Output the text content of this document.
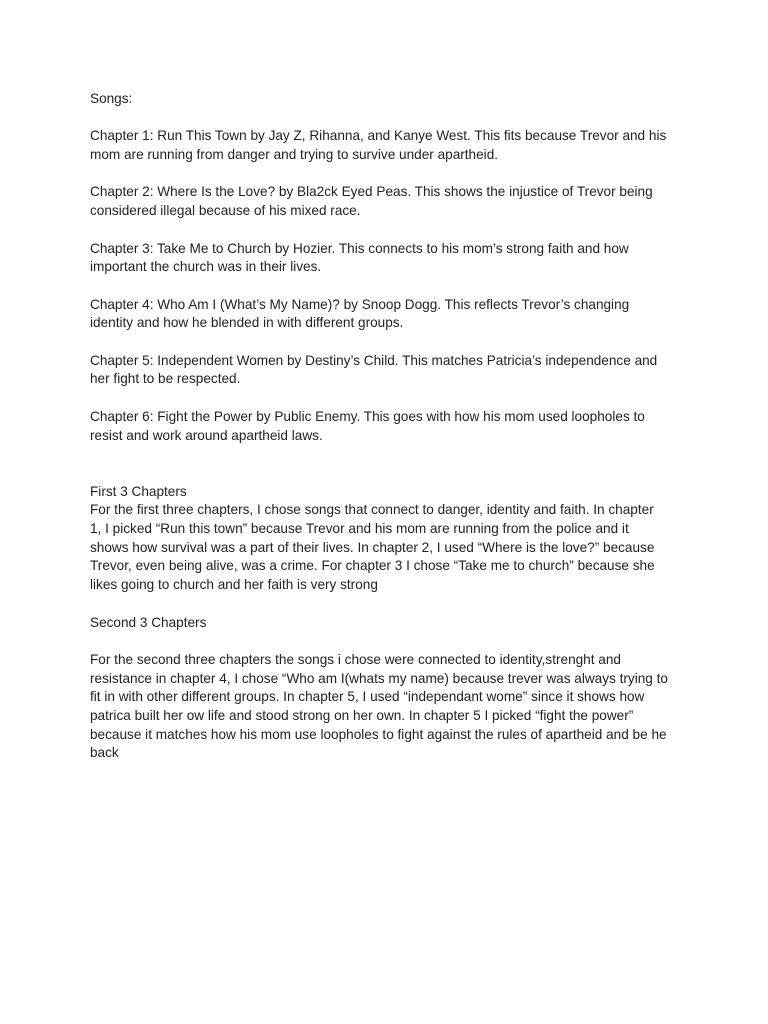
Songs:

Chapter 1: Run This Town by Jay Z, Rihanna, and Kanye West. This fits because Trevor and his
mom are running from danger and trying to survive under apartheid.

Chapter 2: Where Is the Love? by Bla2ck Eyed Peas. This shows the injustice of Trevor being
considered illegal because of his mixed race.

Chapter 3: Take Me to Church by Hozier. This connects to his mom’s strong faith and how
important the church was in their lives.

Chapter 4: Who Am I (What’s My Name)? by Snoop Dogg. This reflects Trevor’s changing
identity and how he blended in with different groups.

Chapter 5: Independent Women by Destiny’s Child. This matches Patricia’s independence and
her fight to be respected.

Chapter 6: Fight the Power by Public Enemy. This goes with how his mom used loopholes to
resist and work around apartheid laws.

First 3 Chapters

For the first three chapters, I chose songs that connect to danger, identity and faith. In chapter
1, I picked “Run this town” because Trevor and his mom are running from the police and it
shows how survival was a part of their lives. In chapter 2, I used “Where is the love?” because
Trevor, even being alive, was a crime. For chapter 3 I chose “Take me to church” because she
likes going to church and her faith is very strong

Second 3 Chapters

For the second three chapters the songs i chose were connected to identity,strenght and
resistance in chapter 4, I chose “Who am I(whats my name) because trever was always trying to
fit in with other different groups. In chapter 5, I used “independant wome” since it shows how
patrica built her ow life and stood strong on her own. In chapter 5 I picked “fight the power”
because it matches how his mom use loopholes to fight against the rules of apartheid and be he
back
